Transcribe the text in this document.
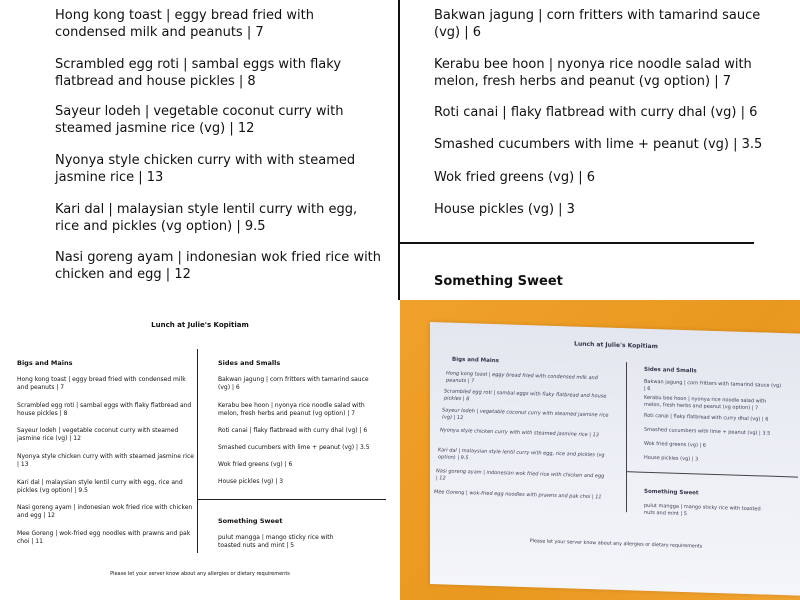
Hong kong toast | eggy bread fried with condensed milk and peanuts | 7
Scrambled egg roti | sambal eggs with flaky flatbread and house pickles | 8
Sayeur lodeh | vegetable coconut curry with steamed jasmine rice (vg) | 12
Nyonya style chicken curry with with steamed jasmine rice | 13
Kari dal | malaysian style lentil curry with egg, rice and pickles (vg option) | 9.5
Nasi goreng ayam | indonesian wok fried rice with chicken and egg | 12
Bakwan jagung | corn fritters with tamarind sauce (vg) | 6
Kerabu bee hoon | nyonya rice noodle salad with melon, fresh herbs and peanut (vg option) | 7
Roti canai | flaky flatbread with curry dhal (vg) | 6
Smashed cucumbers with lime + peanut (vg) | 3.5
Wok fried greens (vg) | 6
House pickles (vg) | 3
Something Sweet
Lunch at Julie's Kopitiam
Bigs and Mains
Hong kong toast | eggy bread fried with condensed milk and peanuts | 7
Scrambled egg roti | sambal eggs with flaky flatbread and house pickles | 8
Sayeur lodeh | vegetable coconut curry with steamed jasmine rice (vg) | 12
Nyonya style chicken curry with with steamed jasmine rice | 13
Kari dal | malaysian style lentil curry with egg, rice and pickles (vg option) | 9.5
Nasi goreng ayam | indonesian wok fried rice with chicken and egg | 12
Mee Goreng | wok-fried egg noodles with prawns and pak choi | 11
Sides and Smalls
Bakwan jagung | corn fritters with tamarind sauce (vg) | 6
Kerabu bee hoon | nyonya rice noodle salad with melon, fresh herbs and peanut (vg option) | 7
Roti canai | flaky flatbread with curry dhal (vg) | 6
Smashed cucumbers with lime + peanut (vg) | 3.5
Wok fried greens (vg) | 6
House pickles (vg) | 3
Something Sweet
pulut mangga | mango sticky rice with toasted nuts and mint | 5
Please let your server know about any allergies or dietary requirements
Lunch at Julie's Kopitiam
Bigs and Mains
Hong kong toast | eggy bread fried with condensed milk and peanuts | 7
Scrambled egg roti | sambal eggs with flaky flatbread and house pickles | 8
Sayeur lodeh | vegetable coconut curry with steamed jasmine rice (vg) | 12
Nyonya style chicken curry with with steamed jasmine rice | 13
Kari dal | malaysian style lentil curry with egg, rice and pickles (vg option) | 9.5
Nasi goreng ayam | indonesian wok fried rice with chicken and egg | 12
Mee Goreng | wok-fried egg noodles with prawns and pak choi | 11
Sides and Smalls
Bakwan jagung | corn fritters with tamarind sauce (vg) | 6
Kerabu bee hoon | nyonya rice noodle salad with melon, fresh herbs and peanut (vg option) | 7
Roti canai | flaky flatbread with curry dhal (vg) | 6
Smashed cucumbers with lime + peanut (vg) | 3.5
Wok fried greens (vg) | 6
House pickles (vg) | 3
Something Sweet
pulut mangga | mango sticky rice with toasted nuts and mint | 5
Please let your server know about any allergies or dietary requirements
